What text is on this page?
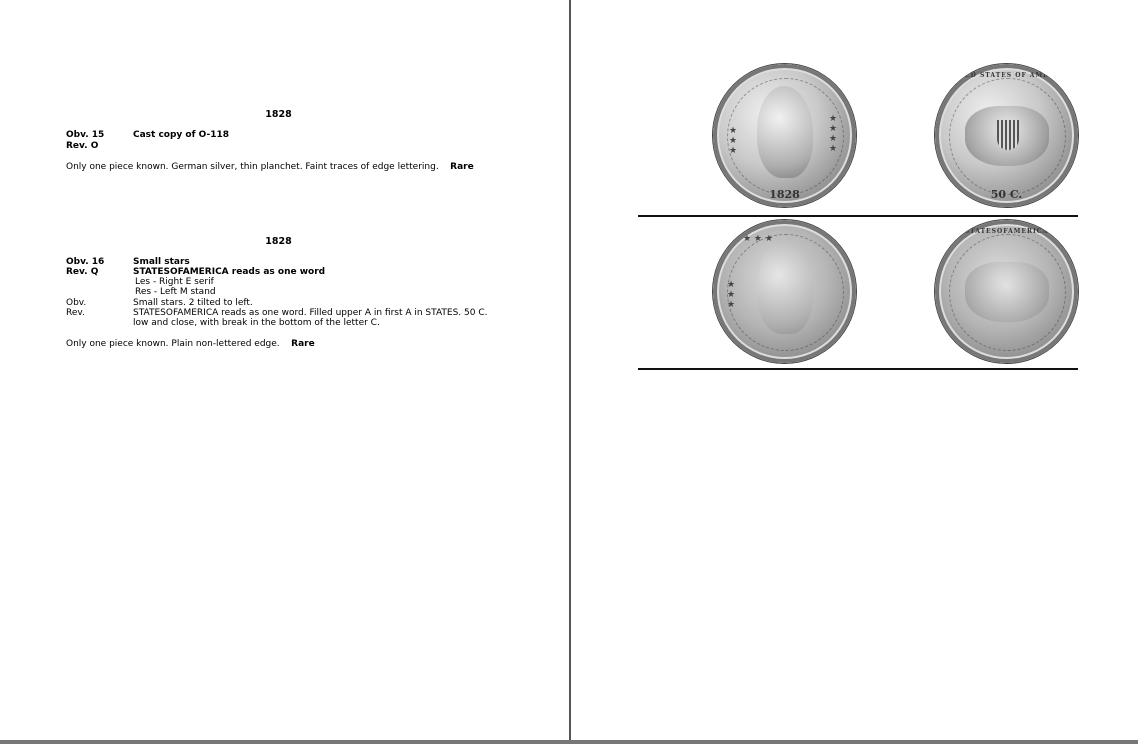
1828
Obv. 15	Cast copy of O-118
Rev. O
Only one piece known. German silver, thin planchet. Faint traces of edge lettering. Rare
1828
Obv. 16	Small stars
Rev. Q	STATESOFAMERICA reads as one word
Les - Right E serif
Res - Left M stand
Obv.	Small stars. 2 tilted to left.
Rev.	STATESOFAMERICA reads as one word. Filled upper A in first A in STATES. 50 C.
low and close, with break in the bottom of the letter C.
Only one piece known. Plain non-lettered edge. Rare
★
★
★
★
★
★
★
1828
UNITED STATES OF AMERICA
50 C.
★
★
★
★ ★ ★
STATESOFAMERICA
